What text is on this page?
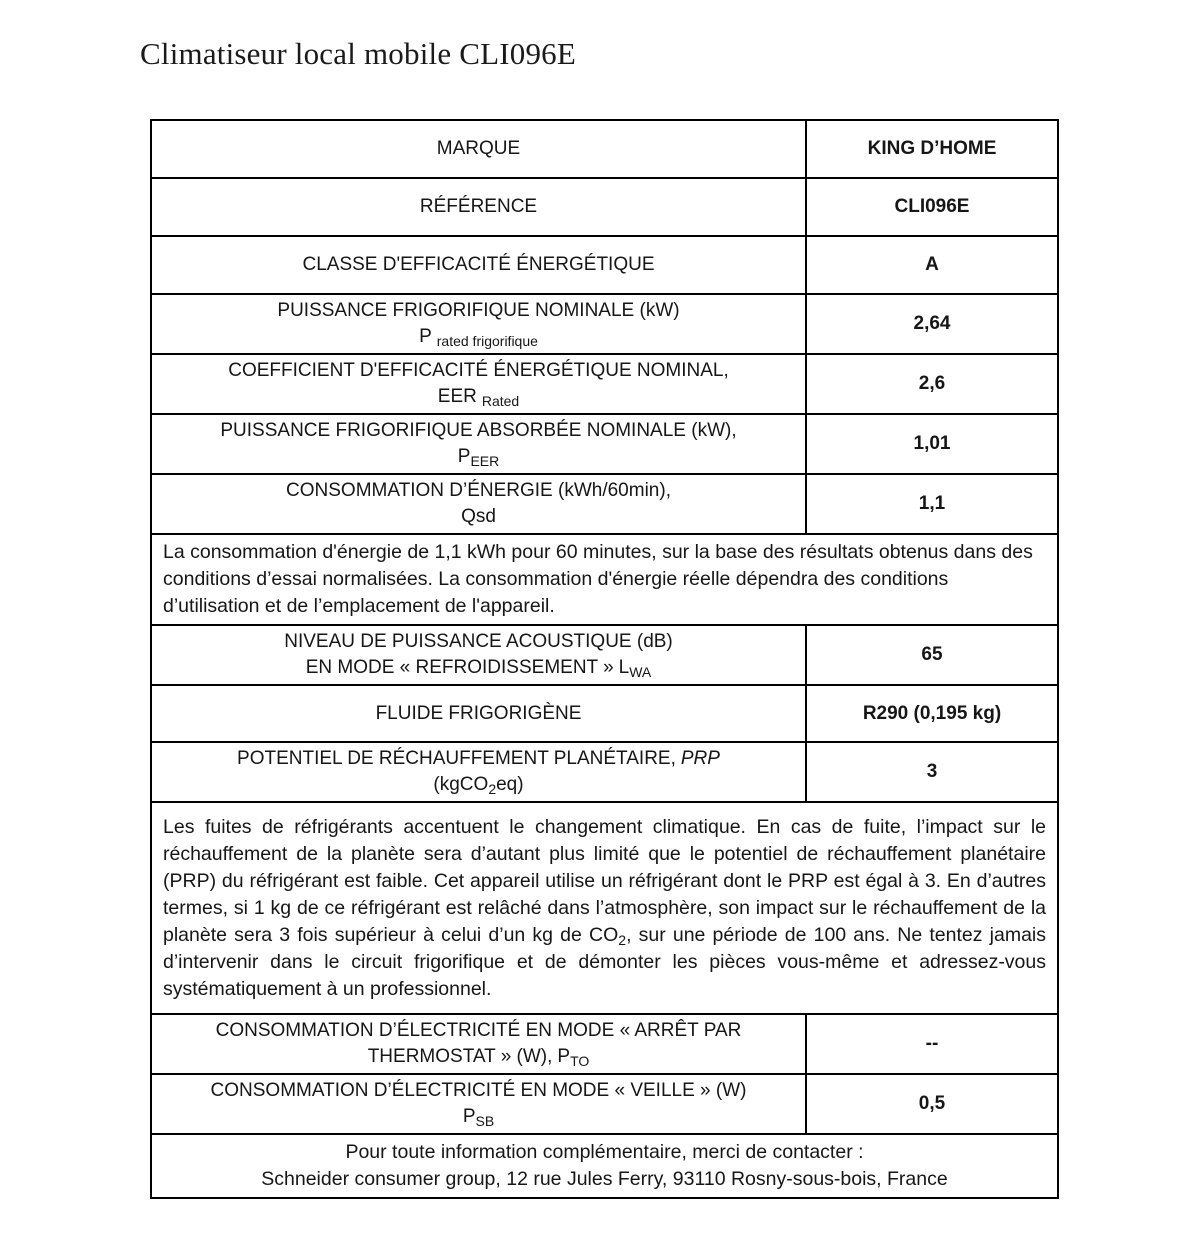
Climatiseur local mobile CLI096E
MARQUE	KING D’HOME
RÉFÉRENCE	CLI096E
CLASSE D'EFFICACITÉ ÉNERGÉTIQUE	A

PUISSANCE FRIGORIFIQUE NOMINALE (kW)
P $_{rated frigorifique}$	2,64

COEFFICIENT D'EFFICACITÉ ÉNERGÉTIQUE NOMINAL,
EER $_{Rated}$	2,6

PUISSANCE FRIGORIFIQUE ABSORBÉE NOMINALE (kW),
$P_{EER}$	1,01

CONSOMMATION D’ÉNERGIE (kWh/60min),
Qsd	1,1
La consommation d'énergie de 1,1 kWh pour 60 minutes, sur la base des résultats obtenus dans des conditions d’essai normalisées. La consommation d'énergie réelle dépendra des conditions d’utilisation et de l’emplacement de l'appareil.	

NIVEAU DE PUISSANCE ACOUSTIQUE (dB)
EN MODE « REFROIDISSEMENT » $L_{WA}$	65
FLUIDE FRIGORIGÈNE	R290 (0,195 kg)

POTENTIEL DE RÉCHAUFFEMENT PLANÉTAIRE, PRP
(kgCO$_2$eq)	3
Les fuites de réfrigérants accentuent le changement climatique. En cas de fuite, l’impact sur le réchauffement de la planète sera d’autant plus limité que le potentiel de réchauffement planétaire (PRP) du réfrigérant est faible. Cet appareil utilise un réfrigérant dont le PRP est égal à 3. En d’autres termes, si 1 kg de ce réfrigérant est relâché dans l’atmosphère, son impact sur le réchauffement de la planète sera 3 fois supérieur à celui d’un kg de $CO_2$, sur une période de 100 ans. Ne tentez jamais d’intervenir dans le circuit frigorifique et de démonter les pièces vous-même et adressez-vous systématiquement à un professionnel.	

CONSOMMATION D’ÉLECTRICITÉ EN MODE « ARRÊT PAR
THERMOSTAT » (W), $P_{TO}$	--

CONSOMMATION D’ÉLECTRICITÉ EN MODE « VEILLE » (W)
$P_{SB}$	0,5

Pour toute information complémentaire, merci de contacter :
Schneider consumer group, 12 rue Jules Ferry, 93110 Rosny-sous-bois, France	
